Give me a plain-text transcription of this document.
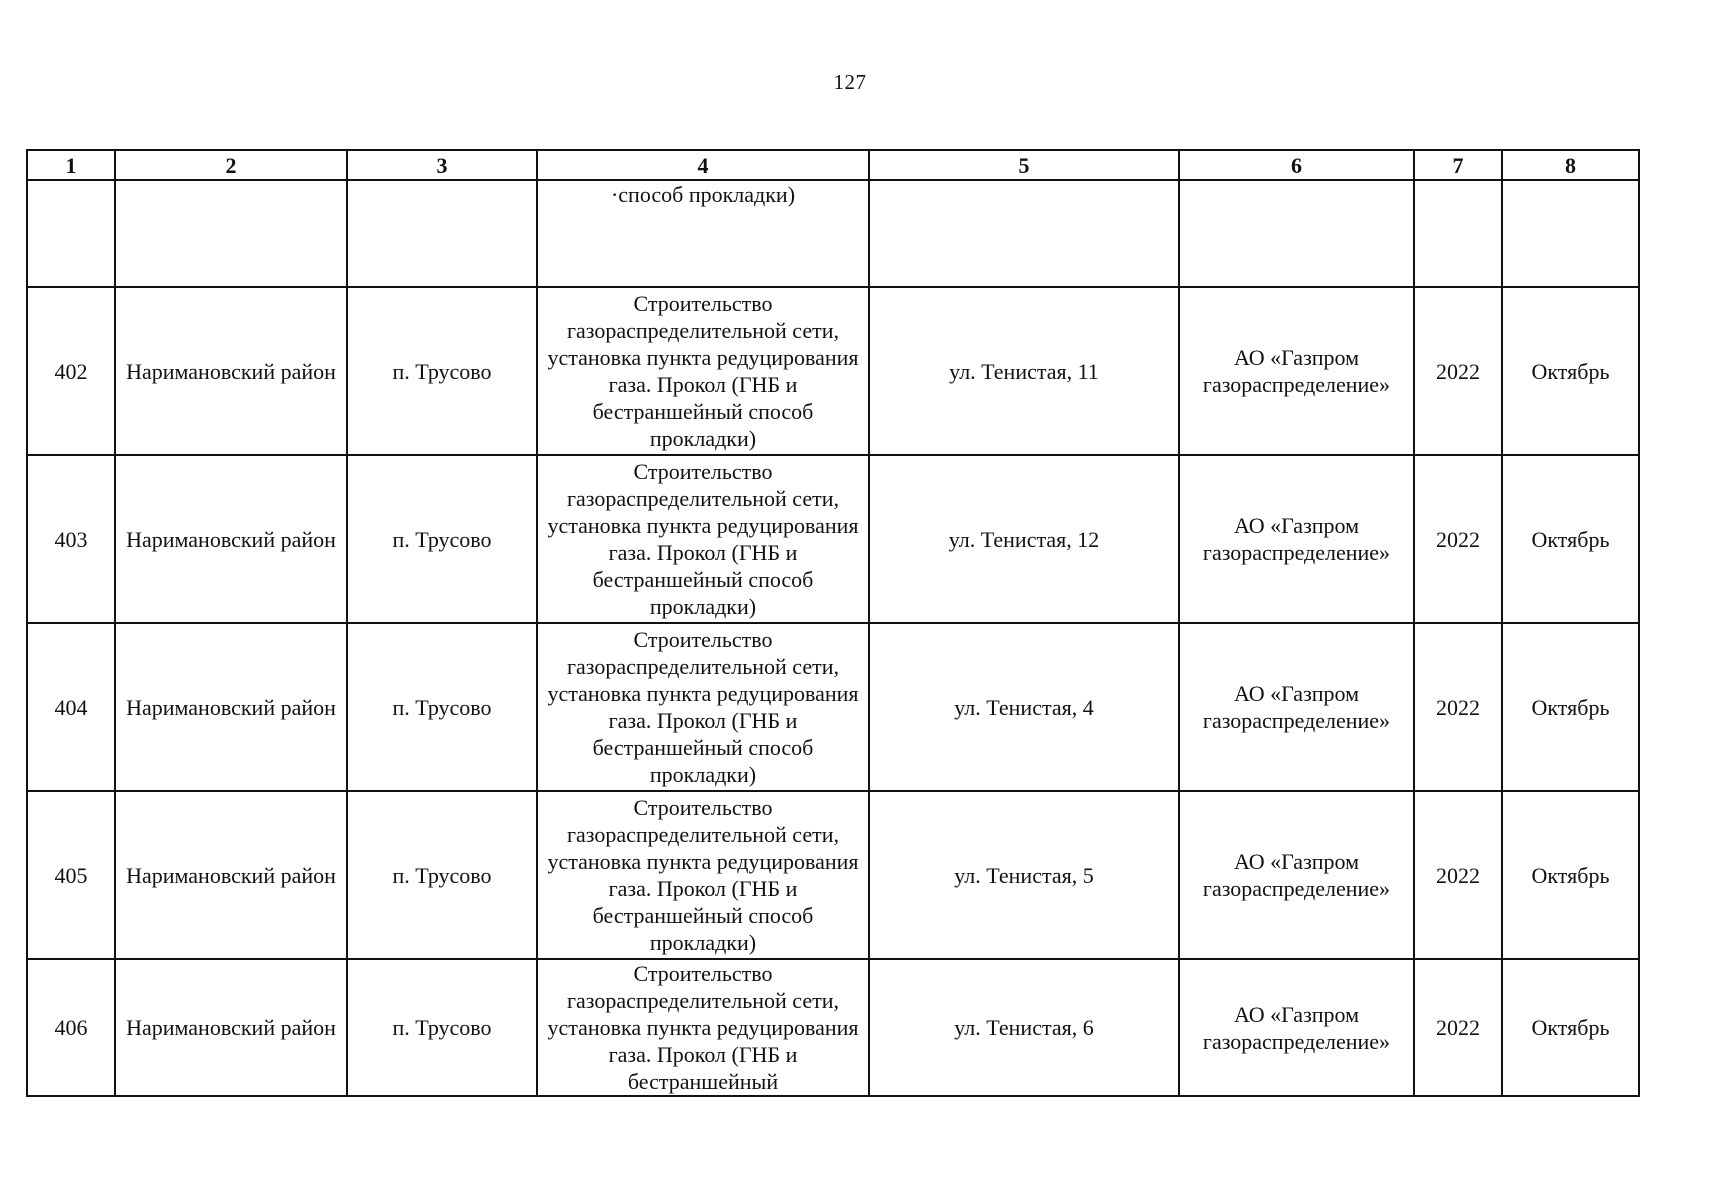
127
1	2	3	4	5	6	7	8
			·способ прокладки)				
402	Наримановский район	п. Трусово	Строительство газораспределительной сети, установка пункта редуцирования газа. Прокол (ГНБ и бестраншейный способ прокладки)	ул. Тенистая, 11	АО «Газпром газораспределение»	2022	Октябрь
403	Наримановский район	п. Трусово	Строительство газораспределительной сети, установка пункта редуцирования газа. Прокол (ГНБ и бестраншейный способ прокладки)	ул. Тенистая, 12	АО «Газпром газораспределение»	2022	Октябрь
404	Наримановский район	п. Трусово	Строительство газораспределительной сети, установка пункта редуцирования газа. Прокол (ГНБ и бестраншейный способ прокладки)	ул. Тенистая, 4	АО «Газпром газораспределение»	2022	Октябрь
405	Наримановский район	п. Трусово	Строительство газораспределительной сети, установка пункта редуцирования газа. Прокол (ГНБ и бестраншейный способ прокладки)	ул. Тенистая, 5	АО «Газпром газораспределение»	2022	Октябрь
406	Наримановский район	п. Трусово	Строительство газораспределительной сети, установка пункта редуцирования газа. Прокол (ГНБ и бестраншейный	ул. Тенистая, 6	АО «Газпром газораспределение»	2022	Октябрь
